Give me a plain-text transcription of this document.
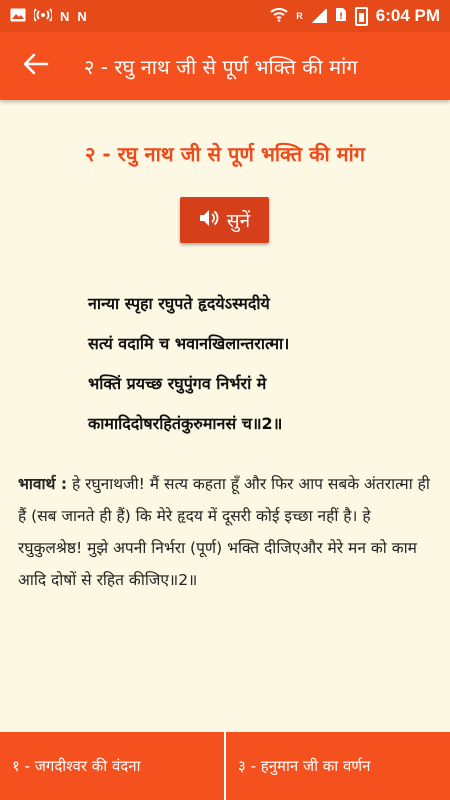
N N	R	! 6:04 PM
२ - रघु नाथ जी से पूर्ण भक्ति की मांग
२ - रघु नाथ जी से पूर्ण भक्ति की मांग
सुनें
नान्या स्पृहा रघुपते हृदयेऽस्मदीये
सत्यं वदामि च भवानखिलान्तरात्मा।
भक्तिं प्रयच्छ रघुपुंगव निर्भरां मे
कामादिदोषरहितंकुरुमानसं च॥2॥
भावार्थ : हे रघुनाथजी! मैं सत्य कहता हूँ और फिर आप सबके अंतरात्मा ही हैं (सब जानते ही हैं) कि मेरे हृदय में दूसरी कोई इच्छा नहीं है। हे रघुकुलश्रेष्ठ! मुझे अपनी निर्भरा (पूर्ण) भक्ति दीजिएऔर मेरे मन को काम आदि दोषों से रहित कीजिए॥2॥
१ - जगदीश्वर की वंदना	३ - हनुमान जी का वर्णन
